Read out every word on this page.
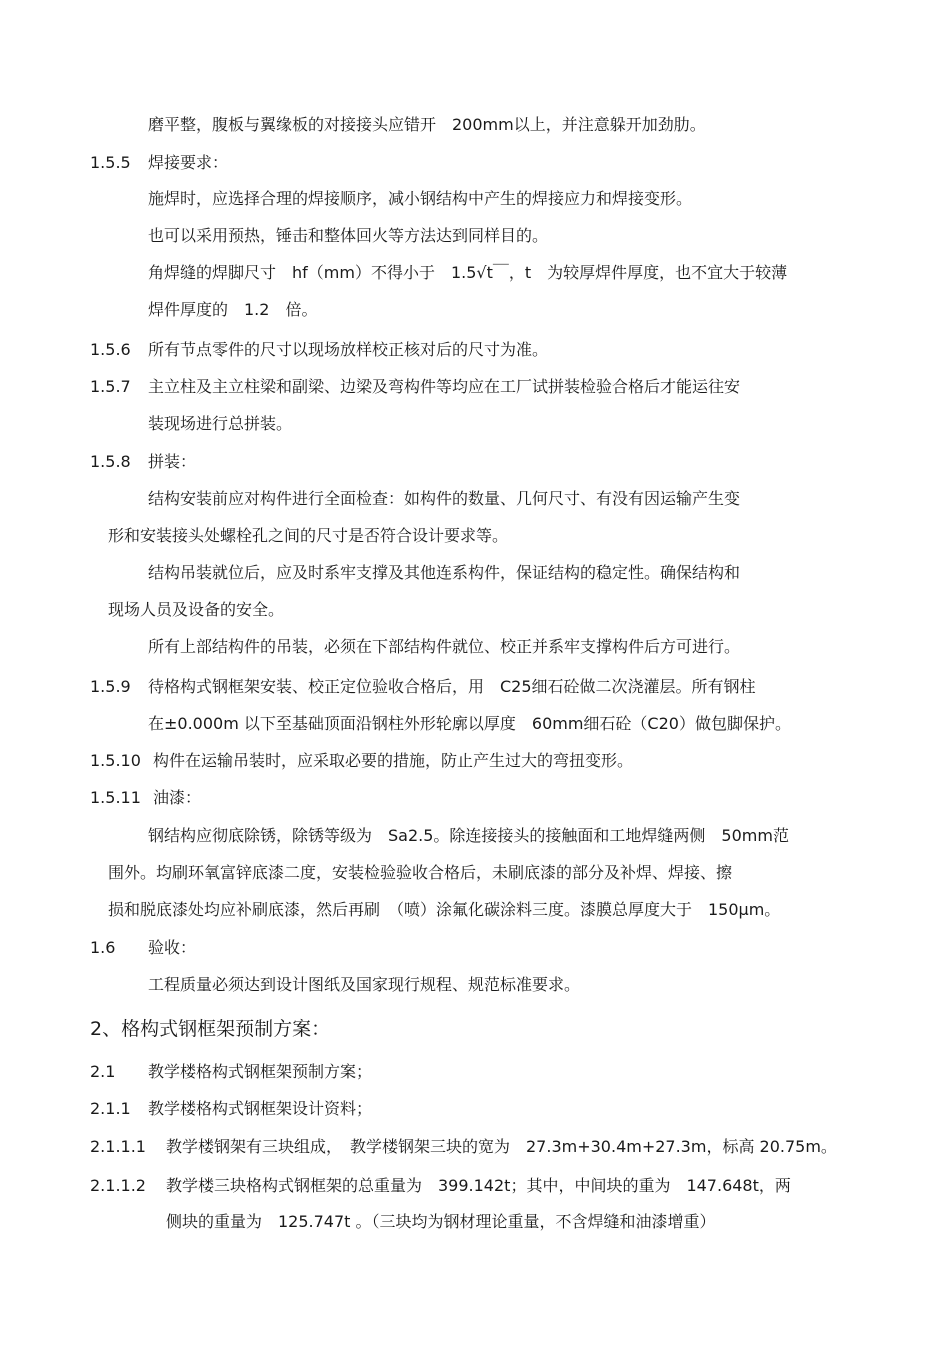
磨平整，腹板与翼缘板的对接接头应错开　200mm以上，并注意躲开加劲肋。
1.5.5 焊接要求：
施焊时，应选择合理的焊接顺序，减小钢结构中产生的焊接应力和焊接变形。
也可以采用预热，锤击和整体回火等方法达到同样目的。
角焊缝的焊脚尺寸　hf（mm）不得小于　1.5√t￣，t　为较厚焊件厚度，也不宜大于较薄
焊件厚度的　1.2　倍。
1.5.6 所有节点零件的尺寸以现场放样校正核对后的尺寸为准。
1.5.7 主立柱及主立柱梁和副梁、边梁及弯构件等均应在工厂试拼装检验合格后才能运往安
装现场进行总拼装。
1.5.8 拼装：
结构安装前应对构件进行全面检查：如构件的数量、几何尺寸、有没有因运输产生变
形和安装接头处螺栓孔之间的尺寸是否符合设计要求等。
结构吊装就位后，应及时系牢支撑及其他连系构件，保证结构的稳定性。确保结构和
现场人员及设备的安全。
所有上部结构件的吊装，必须在下部结构件就位、校正并系牢支撑构件后方可进行。
1.5.9 待格构式钢框架安装、校正定位验收合格后，用　C25细石砼做二次浇灌层。所有钢柱
在±0.000m 以下至基础顶面沿钢柱外形轮廓以厚度　60mm细石砼（C20）做包脚保护。
1.5.10 构件在运输吊装时，应采取必要的措施，防止产生过大的弯扭变形。
1.5.11 油漆：
钢结构应彻底除锈，除锈等级为　Sa2.5。除连接接头的接触面和工地焊缝两侧　50mm范
围外。均刷环氧富锌底漆二度，安装检验验收合格后，未刷底漆的部分及补焊、焊接、擦
损和脱底漆处均应补刷底漆，然后再刷　（喷）涂氟化碳涂料三度。漆膜总厚度大于　150μm。
1.6 验收：
工程质量必须达到设计图纸及国家现行规程、规范标准要求。
2、格构式钢框架预制方案：
2.1 教学楼格构式钢框架预制方案；
2.1.1 教学楼格构式钢框架设计资料；
2.1.1.1 教学楼钢架有三块组成，　教学楼钢架三块的宽为　27.3m+30.4m+27.3m，标高 20.75m。
2.1.1.2 教学楼三块格构式钢框架的总重量为　399.142t；其中，中间块的重为　147.648t，两
侧块的重量为　125.747t 。（三块均为钢材理论重量，不含焊缝和油漆增重）
